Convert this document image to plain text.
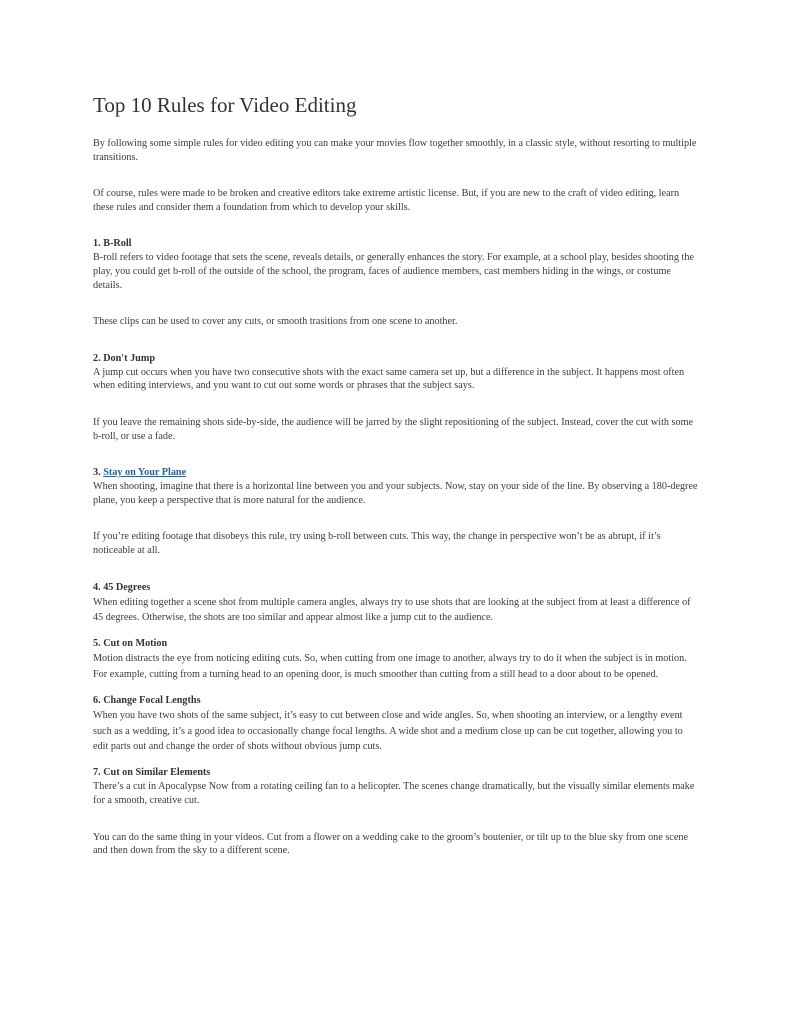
Top 10 Rules for Video Editing

By following some simple rules for video editing you can make your movies flow together smoothly, in a classic style, without resorting to multiple transitions.

Of course, rules were made to be broken and creative editors take extreme artistic license. But, if you are new to the craft of video editing, learn these rules and consider them a foundation from which to develop your skills.

1. B-Roll

B-roll refers to video footage that sets the scene, reveals details, or generally enhances the story. For example, at a school play, besides shooting the play, you could get b-roll of the outside of the school, the program, faces of audience members, cast members hiding in the wings, or costume details.

These clips can be used to cover any cuts, or smooth trasitions from one scene to another.

2. Don't Jump

A jump cut occurs when you have two consecutive shots with the exact same camera set up, but a difference in the subject. It happens most often when editing interviews, and you want to cut out some words or phrases that the subject says.

If you leave the remaining shots side-by-side, the audience will be jarred by the slight repositioning of the subject. Instead, cover the cut with some b-roll, or use a fade.

3. Stay on Your Plane

When shooting, imagine that there is a horizontal line between you and your subjects. Now, stay on your side of the line. By observing a 180-degree plane, you keep a perspective that is more natural for the audience.

If you’re editing footage that disobeys this rule, try using b-roll between cuts. This way, the change in perspective won’t be as abrupt, if it’s noticeable at all.

4. 45 Degrees

When editing together a scene shot from multiple camera angles, always try to use shots that are looking at the subject from at least a difference of 45 degrees. Otherwise, the shots are too similar and appear almost like a jump cut to the audience.

5. Cut on Motion

Motion distracts the eye from noticing editing cuts. So, when cutting from one image to another, always try to do it when the subject is in motion. For example, cutting from a turning head to an opening door, is much smoother than cutting from a still head to a door about to be opened.

6. Change Focal Lengths

When you have two shots of the same subject, it’s easy to cut between close and wide angles. So, when shooting an interview, or a lengthy event such as a wedding, it’s a good idea to occasionally change focal lengths. A wide shot and a medium close up can be cut together, allowing you to edit parts out and change the order of shots without obvious jump cuts.

7. Cut on Similar Elements

There’s a cut in Apocalypse Now from a rotating ceiling fan to a helicopter. The scenes change dramatically, but the visually similar elements make for a smooth, creative cut.

You can do the same thing in your videos. Cut from a flower on a wedding cake to the groom’s boutenier, or tilt up to the blue sky from one scene and then down from the sky to a different scene.
